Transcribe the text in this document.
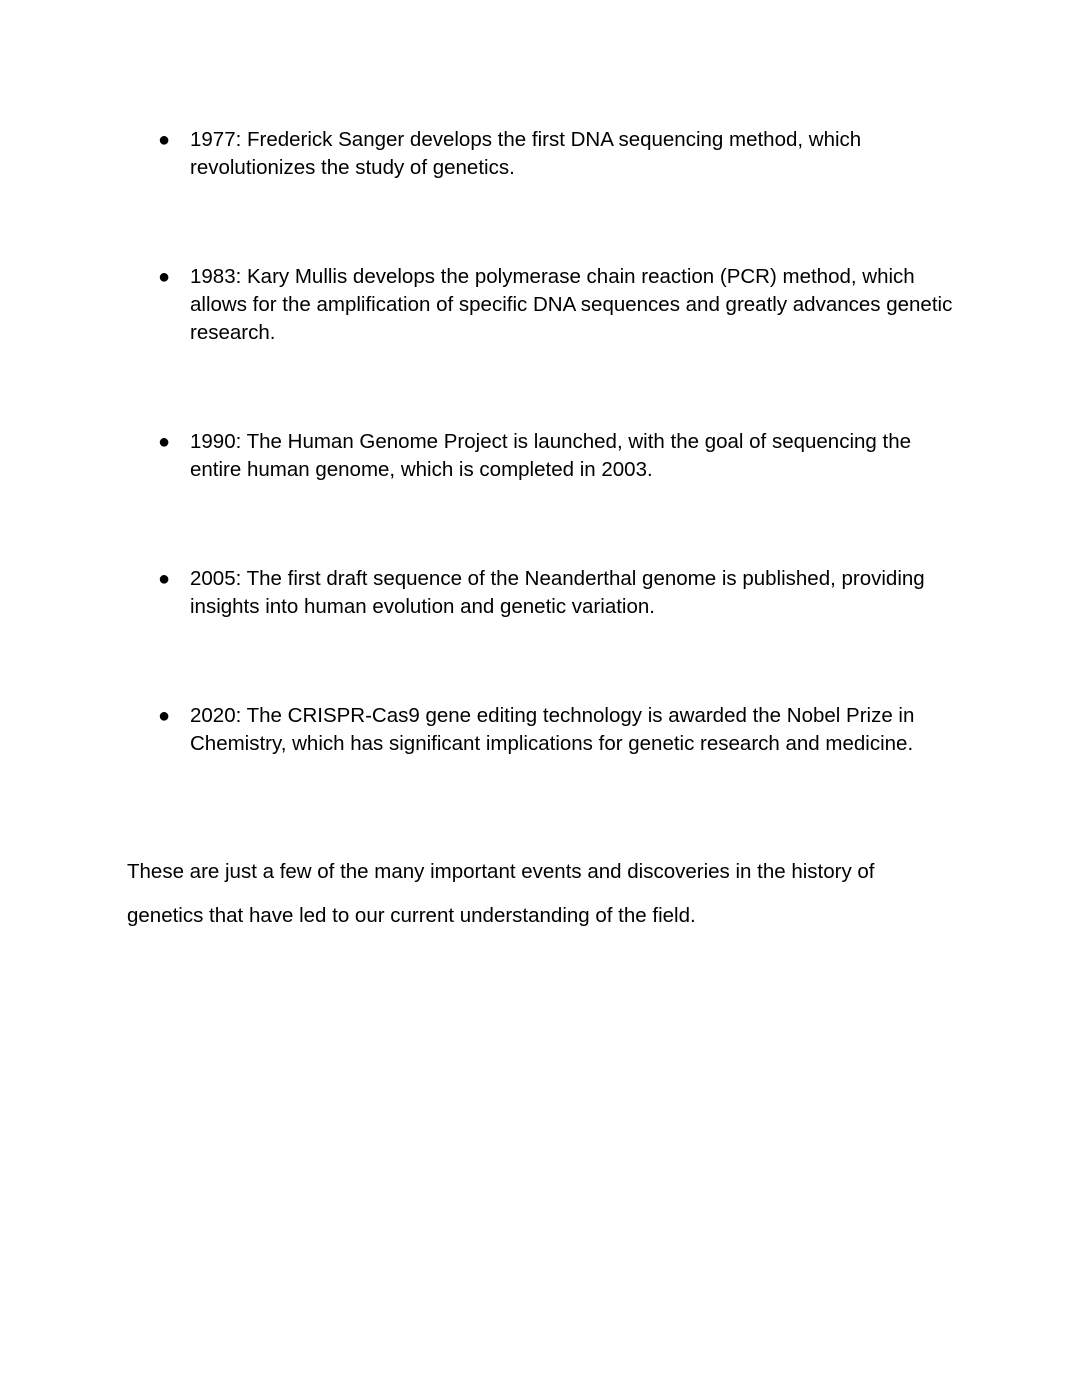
● 1977: Frederick Sanger develops the first DNA sequencing method, which revolutionizes the study of genetics.
● 1983: Kary Mullis develops the polymerase chain reaction (PCR) method, which allows for the amplification of specific DNA sequences and greatly advances genetic research.
● 1990: The Human Genome Project is launched, with the goal of sequencing the entire human genome, which is completed in 2003.
● 2005: The first draft sequence of the Neanderthal genome is published, providing insights into human evolution and genetic variation.
● 2020: The CRISPR-Cas9 gene editing technology is awarded the Nobel Prize in Chemistry, which has significant implications for genetic research and medicine.

These are just a few of the many important events and discoveries in the history of genetics that have led to our current understanding of the field.
